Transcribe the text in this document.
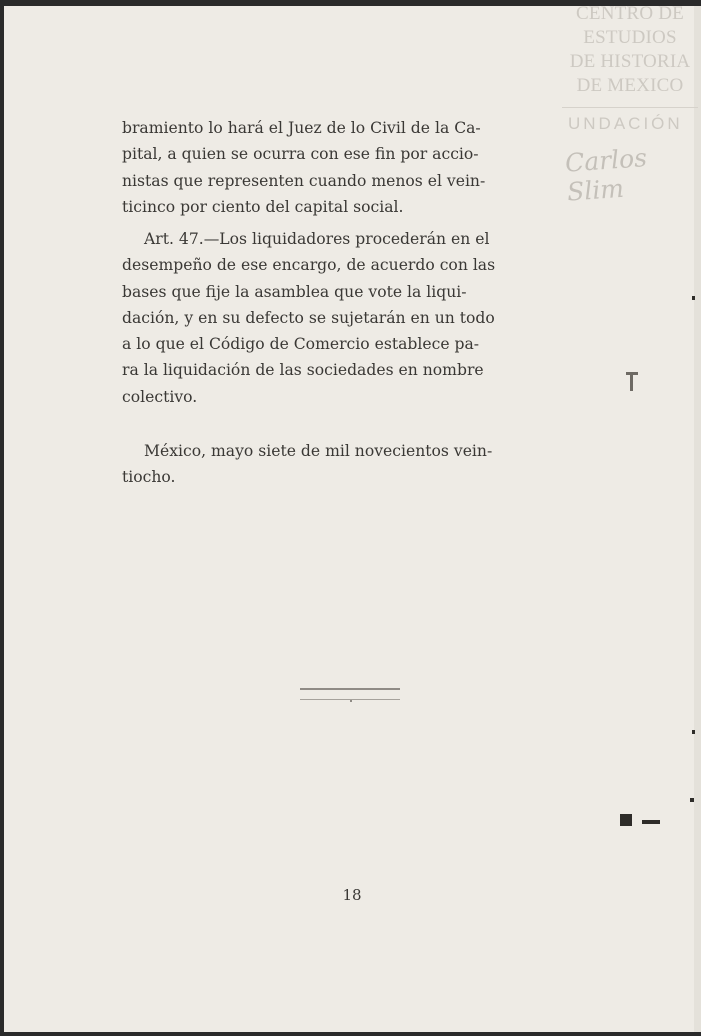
CENTRO DE
ESTUDIOS
DE HISTORIA
DE MEXICO
UNDACIÓN
Carlos Slim
bramiento lo hará el Juez de lo Civil de la Ca-
pital, a quien se ocurra con ese fin por accio-
nistas que representen cuando menos el vein-
ticinco por ciento del capital social.
Art. 47.—Los liquidadores procederán en el
desempeño de ese encargo, de acuerdo con las
bases que fije la asamblea que vote la liqui-
dación, y en su defecto se sujetarán en un todo
a lo que el Código de Comercio establece pa-
ra la liquidación de las sociedades en nombre
colectivo.
México, mayo siete de mil novecientos vein-
tiocho.
18
